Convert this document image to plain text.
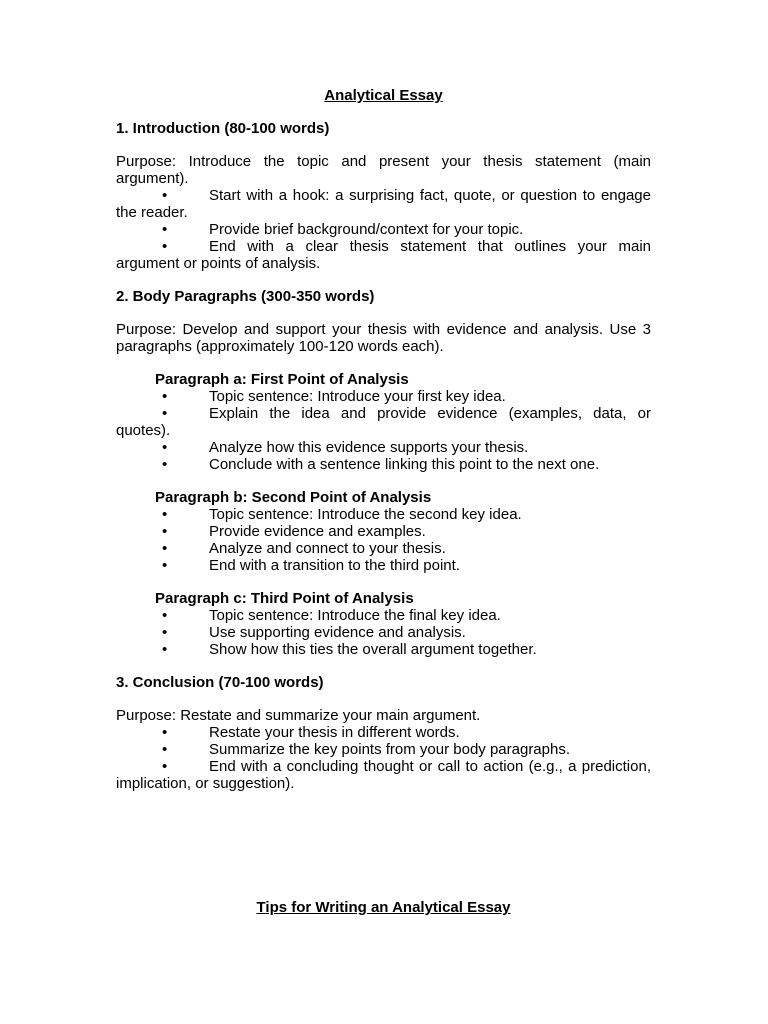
Analytical Essay

1. Introduction (80-100 words)

Purpose: Introduce the topic and present your thesis statement (main argument).

•	Start with a hook: a surprising fact, quote, or question to engage the reader.

•	Provide brief background/context for your topic.

•	End with a clear thesis statement that outlines your main argument or points of analysis.

2. Body Paragraphs (300-350 words)

Purpose: Develop and support your thesis with evidence and analysis. Use 3 paragraphs (approximately 100-120 words each).

Paragraph a: First Point of Analysis

•	Topic sentence: Introduce your first key idea.

•	Explain the idea and provide evidence (examples, data, or quotes).

•	Analyze how this evidence supports your thesis.

•	Conclude with a sentence linking this point to the next one.

Paragraph b: Second Point of Analysis

•	Topic sentence: Introduce the second key idea.

•	Provide evidence and examples.

•	Analyze and connect to your thesis.

•	End with a transition to the third point.

Paragraph c: Third Point of Analysis

•	Topic sentence: Introduce the final key idea.

•	Use supporting evidence and analysis.

•	Show how this ties the overall argument together.

3. Conclusion (70-100 words)

Purpose: Restate and summarize your main argument.

•	Restate your thesis in different words.

•	Summarize the key points from your body paragraphs.

•	End with a concluding thought or call to action (e.g., a prediction, implication, or suggestion).

Tips for Writing an Analytical Essay
